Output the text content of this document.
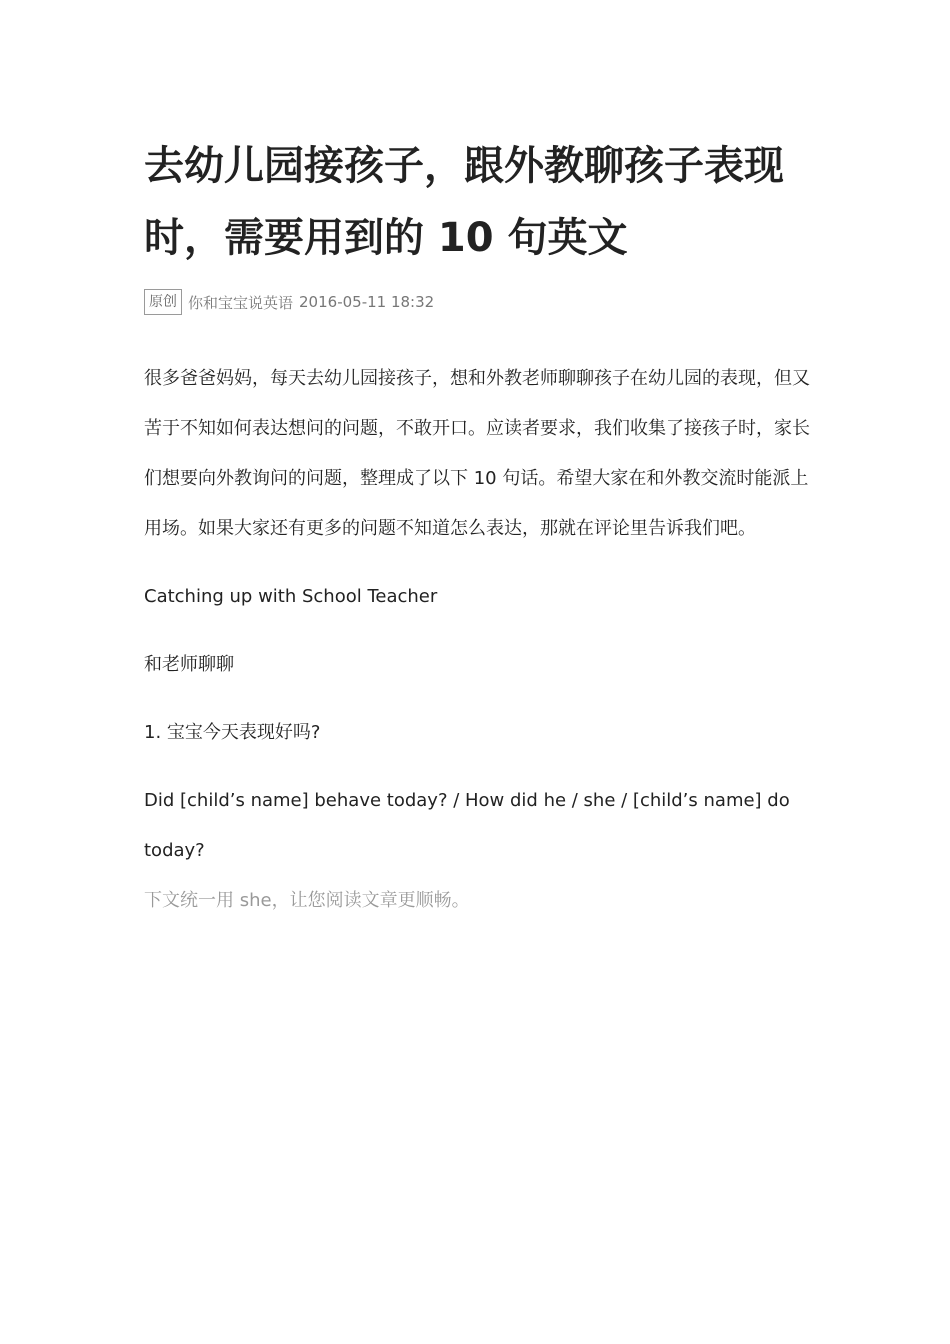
去幼儿园接孩子，跟外教聊孩子表现时，需要用到的 10 句英文
原创 你和宝宝说英语 2016-05-11 18:32

很多爸爸妈妈，每天去幼儿园接孩子，想和外教老师聊聊孩子在幼儿园的表现，但又苦于不知如何表达想问的问题，不敢开口。应读者要求，我们收集了接孩子时，家长们想要向外教询问的问题，整理成了以下 10 句话。希望大家在和外教交流时能派上用场。如果大家还有更多的问题不知道怎么表达，那就在评论里告诉我们吧。

Catching up with School Teacher

和老师聊聊

1. 宝宝今天表现好吗?

Did [child’s name] behave today? / How did he / she / [child’s name] do today?

下文统一用 she，让您阅读文章更顺畅。
